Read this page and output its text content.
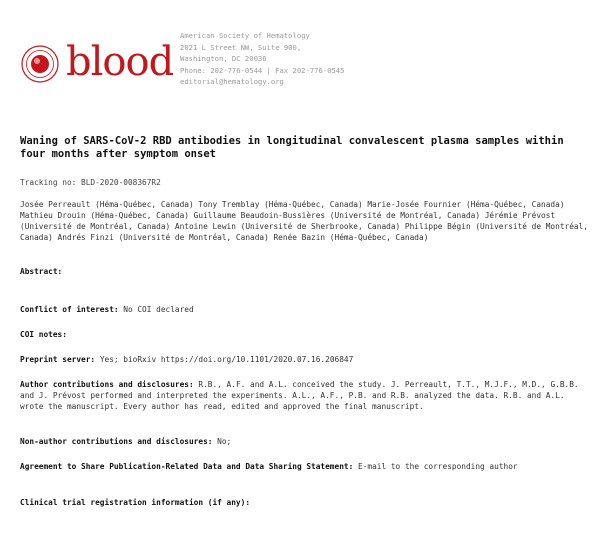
blood
American Society of Hematology
2021 L Street NW, Suite 900,
Washington, DC 20036
Phone: 202-776-0544 | Fax 202-776-0545
editorial@hematology.org
Waning of SARS-CoV-2 RBD antibodies in longitudinal convalescent plasma samples within four months after symptom onset
Tracking no: BLD-2020-008367R2
Josée Perreault (Héma-Québec, Canada) Tony Tremblay (Héma-Québec, Canada) Marie-Josée Fournier (Héma-Québec, Canada) Mathieu Drouin (Héma-Québec, Canada) Guillaume Beaudoin-Bussières (Université de Montréal, Canada) Jérémie Prévost (Université de Montréal, Canada) Antoine Lewin (Université de Sherbrooke, Canada) Philippe Bégin (Université de Montréal, Canada) Andrés Finzi (Université de Montréal, Canada) Renée Bazin (Héma-Québec, Canada)
Abstract:
Conflict of interest: No COI declared
COI notes:
Preprint server: Yes; bioRxiv https://doi.org/10.1101/2020.07.16.206847
Author contributions and disclosures: R.B., A.F. and A.L. conceived the study. J. Perreault, T.T., M.J.F., M.D., G.B.B. and J. Prévost performed and interpreted the experiments. A.L., A.F., P.B. and R.B. analyzed the data. R.B. and A.L. wrote the manuscript. Every author has read, edited and approved the final manuscript.
Non-author contributions and disclosures: No;
Agreement to Share Publication-Related Data and Data Sharing Statement: E-mail to the corresponding author
Clinical trial registration information (if any):
